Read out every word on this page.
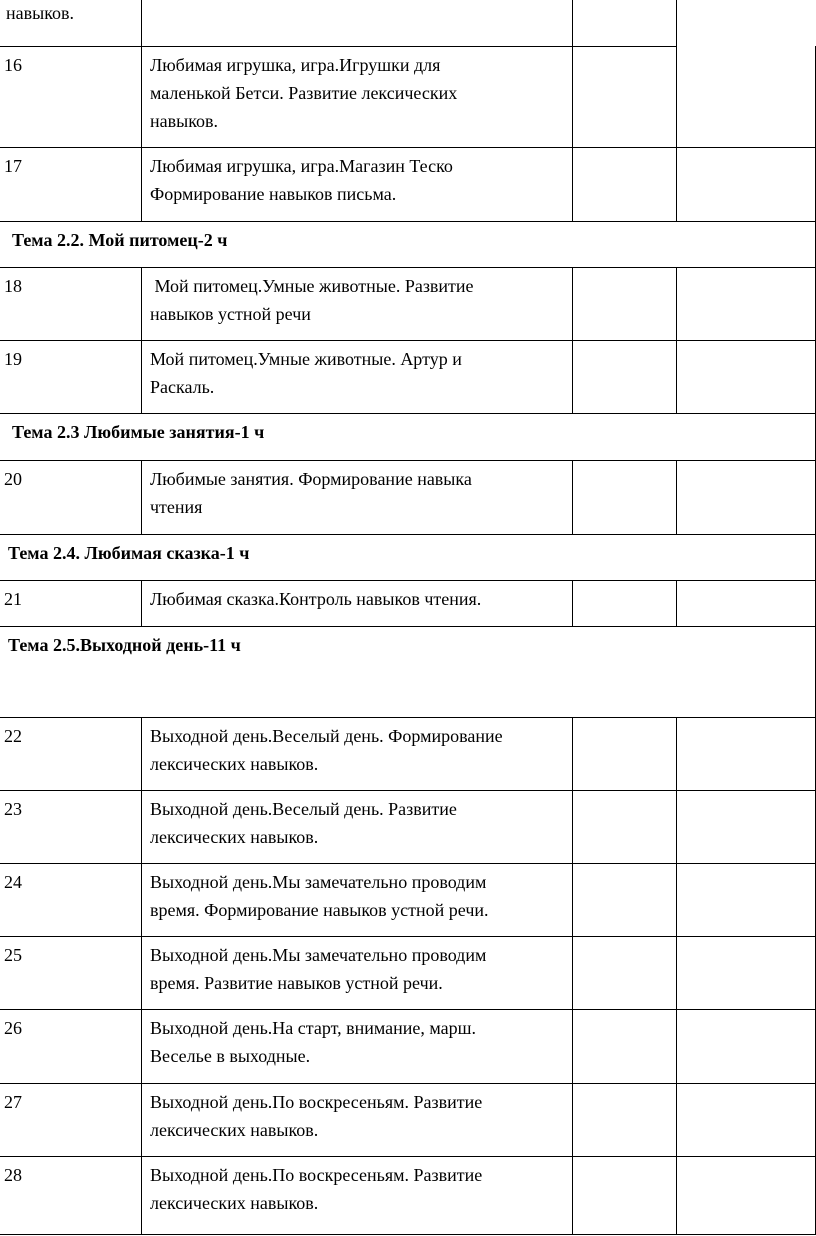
навыков.
16	Любимая игрушка, игра.Игрушки для
маленькой Бетси. Развитие лексических
навыков.
17	Любимая игрушка, игра.Магазин Теско
Формирование навыков письма.
Тема 2.2. Мой питомец-2 ч
18	Мой питомец.Умные животные. Развитие
навыков устной речи
19	Мой питомец.Умные животные. Артур и
Раскаль.
Тема 2.3 Любимые занятия-1 ч
20	Любимые занятия. Формирование навыка
чтения
Тема 2.4. Любимая сказка-1 ч
21	Любимая сказка.Контроль навыков чтения.
Тема 2.5.Выходной день-11 ч
22	Выходной день.Веселый день. Формирование
лексических навыков.
23	Выходной день.Веселый день. Развитие
лексических навыков.
24	Выходной день.Мы замечательно проводим
время. Формирование навыков устной речи.
25	Выходной день.Мы замечательно проводим
время. Развитие навыков устной речи.
26	Выходной день.На старт, внимание, марш.
Веселье в выходные.
27	Выходной день.По воскресеньям. Развитие
лексических навыков.
28	Выходной день.По воскресеньям. Развитие
лексических навыков.
